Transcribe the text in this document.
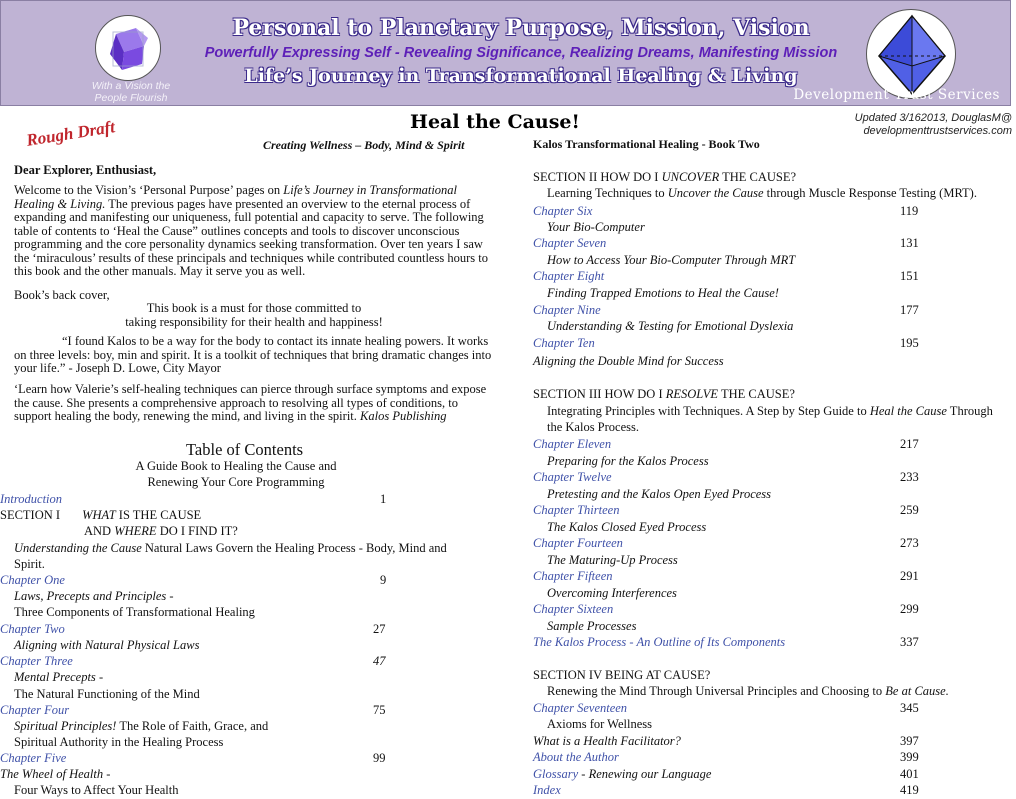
With a Vision the
People Flourish
Personal to Planetary Purpose, Mission, Vision
Powerfully Expressing Self - Revealing Significance, Realizing Dreams, Manifesting Mission
Life’s Journey in Transformational Healing & Living
Development Trust Services
Rough Draft	Heal the Cause!	Updated 3/162013, DouglasM@
developmenttrustservices.com
Creating Wellness – Body, Mind & Spirit	Kalos Transformational Healing - Book Two
Dear Explorer, Enthusiast,
Welcome to the Vision’s ‘Personal Purpose’ pages on Life’s Journey in Transformational Healing & Living. The previous pages have presented an overview to the eternal process of expanding and manifesting our uniqueness, full potential and capacity to serve. The following table of contents to ‘Heal the Cause” outlines concepts and tools to discover unconscious programming and the core personality dynamics seeking transformation. Over ten years I saw the ‘miraculous’ results of these principals and techniques while contributed countless hours to this book and the other manuals. May it serve you as well.
Book’s back cover,
This book is a must for those committed to
taking responsibility for their health and happiness!
“I found Kalos to be a way for the body to contact its innate healing powers. It works on three levels: boy, min and spirit. It is a toolkit of techniques that bring dramatic changes into your life.” - Joseph D. Lowe, City Mayor
‘Learn how Valerie’s self-healing techniques can pierce through surface symptoms and expose the cause. She presents a comprehensive approach to resolving all types of conditions, to support healing the body, renewing the mind, and living in the spirit. Kalos Publishing
Table of Contents
A Guide Book to Healing the Cause and
Renewing Your Core Programming
Introduction	1
SECTION I WHAT IS THE CAUSE
AND WHERE DO I FIND IT?
Understanding the Cause Natural Laws Govern the Healing Process - Body, Mind and
Spirit.
Chapter One	9
Laws, Precepts and Principles -
Three Components of Transformational Healing
Chapter Two	27
Aligning with Natural Physical Laws
Chapter Three	47
Mental Precepts -
The Natural Functioning of the Mind
Chapter Four	75
Spiritual Principles! The Role of Faith, Grace, and
Spiritual Authority in the Healing Process
Chapter Five	99
The Wheel of Health -
Four Ways to Affect Your Health
SECTION II HOW DO I UNCOVER THE CAUSE?
Learning Techniques to Uncover the Cause through Muscle Response Testing (MRT).
Chapter Six	119
Your Bio-Computer
Chapter Seven	131
How to Access Your Bio-Computer Through MRT
Chapter Eight	151
Finding Trapped Emotions to Heal the Cause!
Chapter Nine	177
Understanding & Testing for Emotional Dyslexia
Chapter Ten	195
Aligning the Double Mind for Success
SECTION III HOW DO I RESOLVE THE CAUSE?
Integrating Principles with Techniques. A Step by Step Guide to Heal the Cause Through
the Kalos Process.
Chapter Eleven	217
Preparing for the Kalos Process
Chapter Twelve	233
Pretesting and the Kalos Open Eyed Process
Chapter Thirteen	259
The Kalos Closed Eyed Process
Chapter Fourteen	273
The Maturing-Up Process
Chapter Fifteen	291
Overcoming Interferences
Chapter Sixteen	299
Sample Processes
The Kalos Process - An Outline of Its Components	337
SECTION IV BEING AT CAUSE?
Renewing the Mind Through Universal Principles and Choosing to Be at Cause.
Chapter Seventeen	345
Axioms for Wellness
What is a Health Facilitator?	397
About the Author	399
Glossary - Renewing our Language	401
Index	419
